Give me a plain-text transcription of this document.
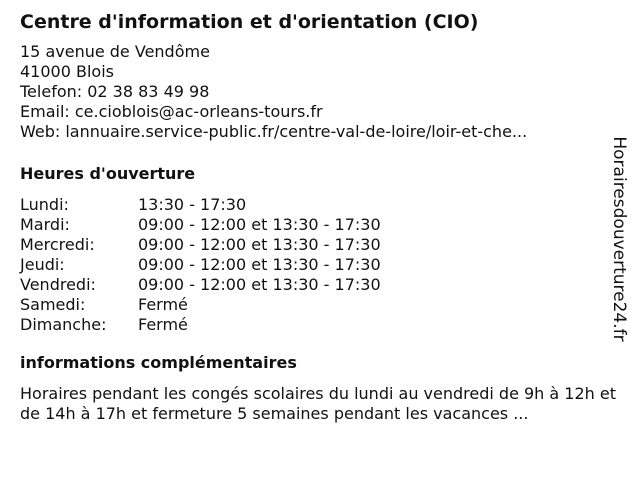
Centre d'information et d'orientation (CIO)
15 avenue de Vendôme
41000 Blois
Telefon: 02 38 83 49 98
Email: ce.cioblois@ac-orleans-tours.fr
Web: lannuaire.service-public.fr/centre-val-de-loire/loir-et-che...
Heures d'ouverture
Lundi:	13:30 - 17:30
Mardi:	09:00 - 12:00 et 13:30 - 17:30
Mercredi:	09:00 - 12:00 et 13:30 - 17:30
Jeudi:	09:00 - 12:00 et 13:30 - 17:30
Vendredi:	09:00 - 12:00 et 13:30 - 17:30
Samedi:	Fermé
Dimanche:	Fermé
informations complémentaires
Horaires pendant les congés scolaires du lundi au vendredi de 9h à 12h et de 14h à 17h et fermeture 5 semaines pendant les vacances ...
Horairesdouverture24.fr
